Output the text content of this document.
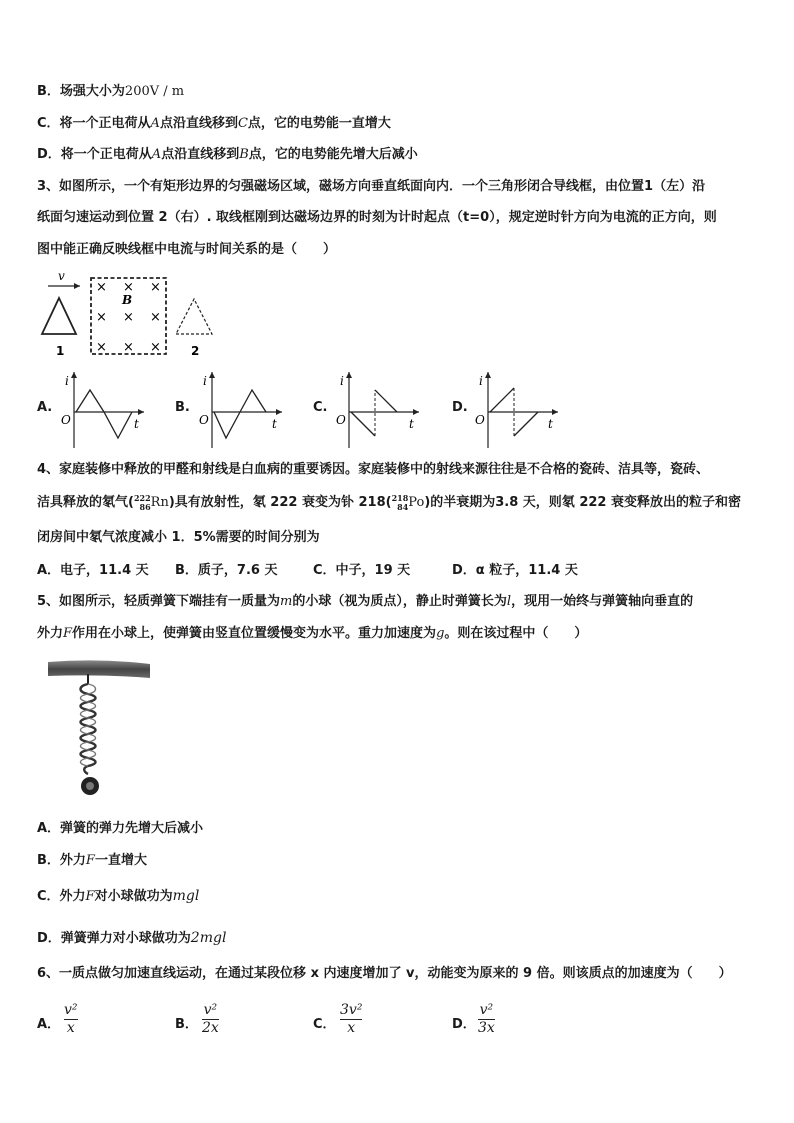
B．场强大小为200V / m
C．将一个正电荷从A点沿直线移到C点，它的电势能一直增大
D．将一个正电荷从A点沿直线移到B点，它的电势能先增大后减小
3、如图所示，一个有矩形边界的匀强磁场区域，磁场方向垂直纸面向内．一个三角形闭合导线框，由位置1（左）沿
纸面匀速运动到位置 2（右）. 取线框刚到达磁场边界的时刻为计时起点（t=0），规定逆时针方向为电流的正方向，则
图中能正确反映线框中电流与时间关系的是（　　）
v
1
B
× × ×
× × ×
× × ×	2
A.
i
O	t
B.
i
O	t
C.
i
O	t
D.
i
O	t
4、家庭装修中释放的甲醛和射线是白血病的重要诱因。家庭装修中的射线来源往往是不合格的瓷砖、洁具等，瓷砖、
洁具释放的氡气( 222
86 Rn)具有放射性，氡 222 衰变为钋 218( 218
84 Po)的半衰期为3.8 天，则氡 222 衰变释放出的粒子和密
闭房间中氡气浓度减小 1．5%需要的时间分别为
A．电子，11.4 天 B．质子，7.6 天	C．中子，19 天	D．α 粒子，11.4 天
5、如图所示，轻质弹簧下端挂有一质量为m的小球（视为质点），静止时弹簧长为l，现用一始终与弹簧轴向垂直的
外力F作用在小球上，使弹簧由竖直位置缓慢变为水平。重力加速度为g。则在该过程中（　　）
A．弹簧的弹力先增大后减小
B．外力F一直增大
C．外力F对小球做功为mgl
D．弹簧弹力对小球做功为2mgl
6、一质点做匀加速直线运动，在通过某段位移 x 内速度增加了 v，动能变为原来的 9 倍。则该质点的加速度为（　　）
A．
v²
x	B．
v²
2x	C．
3v²
x	D．
v²
3x
